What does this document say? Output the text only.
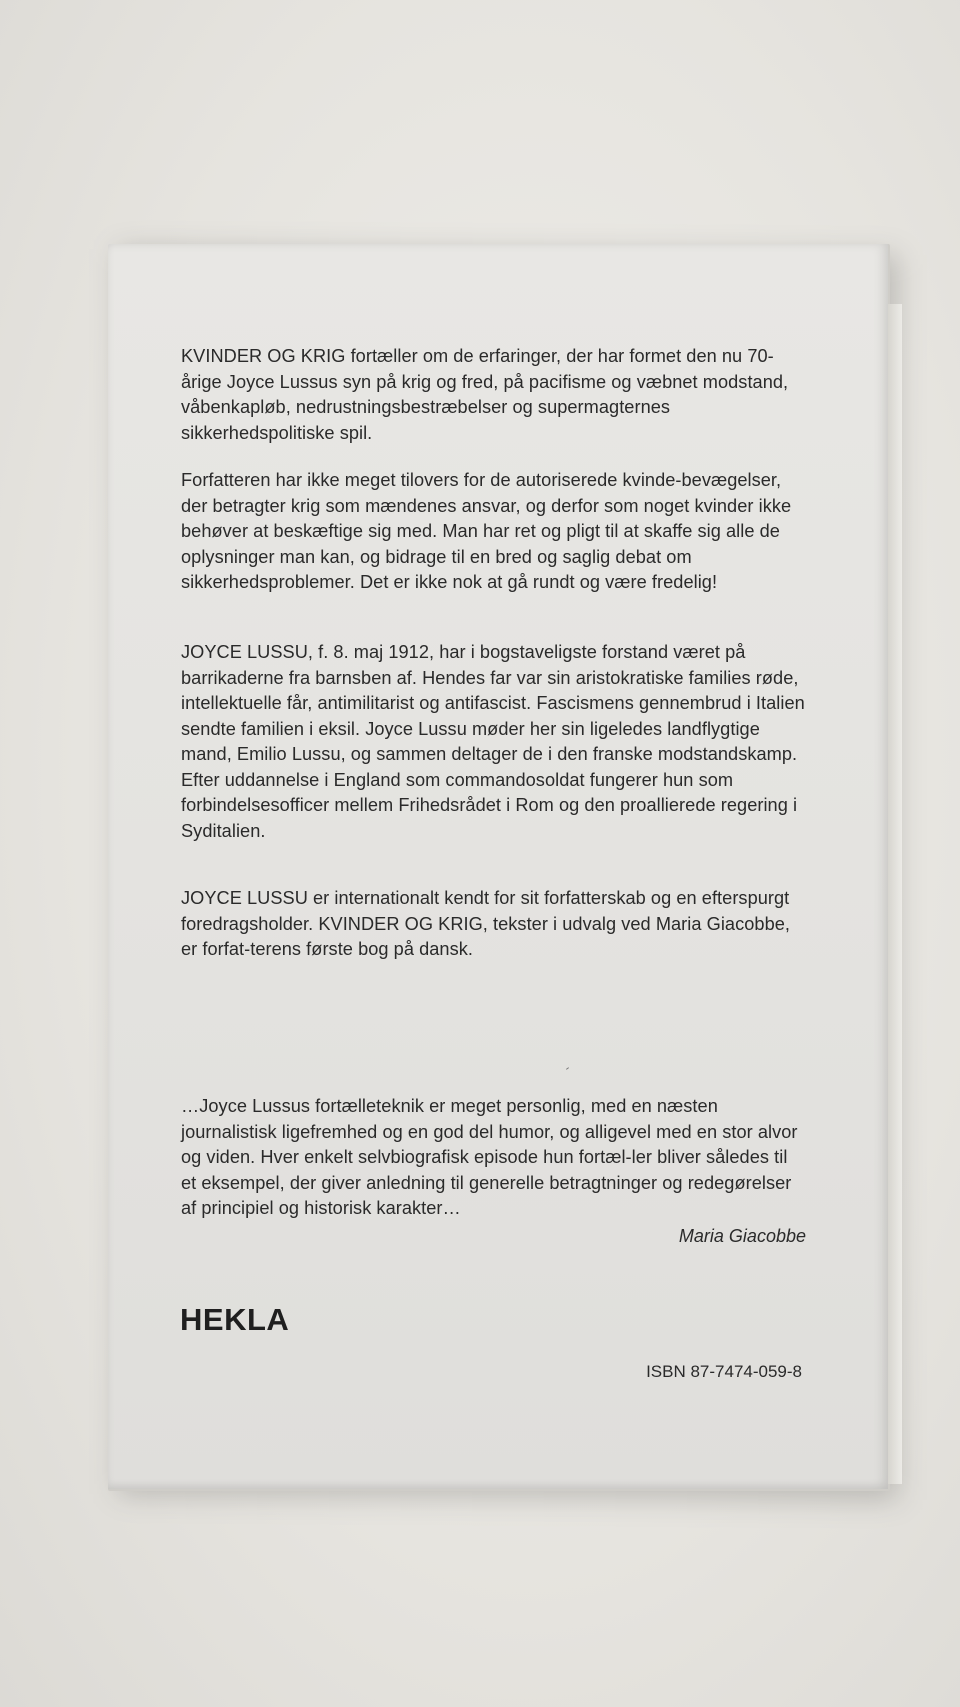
KVINDER OG KRIG fortæller om de erfaringer, der har formet den nu 70-årige Joyce Lussus syn på krig og fred, på pacifisme og væbnet modstand, våbenkapløb, nedrustningsbestræbelser og supermagternes sikkerhedspolitiske spil.

Forfatteren har ikke meget tilovers for de autoriserede kvinde-bevægelser, der betragter krig som mændenes ansvar, og derfor som noget kvinder ikke behøver at beskæftige sig med. Man har ret og pligt til at skaffe sig alle de oplysninger man kan, og bidrage til en bred og saglig debat om sikkerhedsproblemer. Det er ikke nok at gå rundt og være fredelig!

JOYCE LUSSU, f. 8. maj 1912, har i bogstaveligste forstand været på barrikaderne fra barnsben af. Hendes far var sin aristokratiske families røde, intellektuelle får, antimilitarist og antifascist. Fascismens gennembrud i Italien sendte familien i eksil. Joyce Lussu møder her sin ligeledes landflygtige mand, Emilio Lussu, og sammen deltager de i den franske modstandskamp. Efter uddannelse i England som commandosoldat fungerer hun som forbindelsesofficer mellem Frihedsrådet i Rom og den proallierede regering i Syditalien.

JOYCE LUSSU er internationalt kendt for sit forfatterskab og en efterspurgt foredragsholder. KVINDER OG KRIG, tekster i udvalg ved Maria Giacobbe, er forfat-terens første bog på dansk.

…Joyce Lussus fortælleteknik er meget personlig, med en næsten journalistisk ligefremhed og en god del humor, og alligevel med en stor alvor og viden. Hver enkelt selvbiografisk episode hun fortæl-ler bliver således til et eksempel, der giver anledning til generelle betragtninger og redegørelser af principiel og historisk karakter…

Maria Giacobbe
HEKLA
ISBN 87-7474-059-8
